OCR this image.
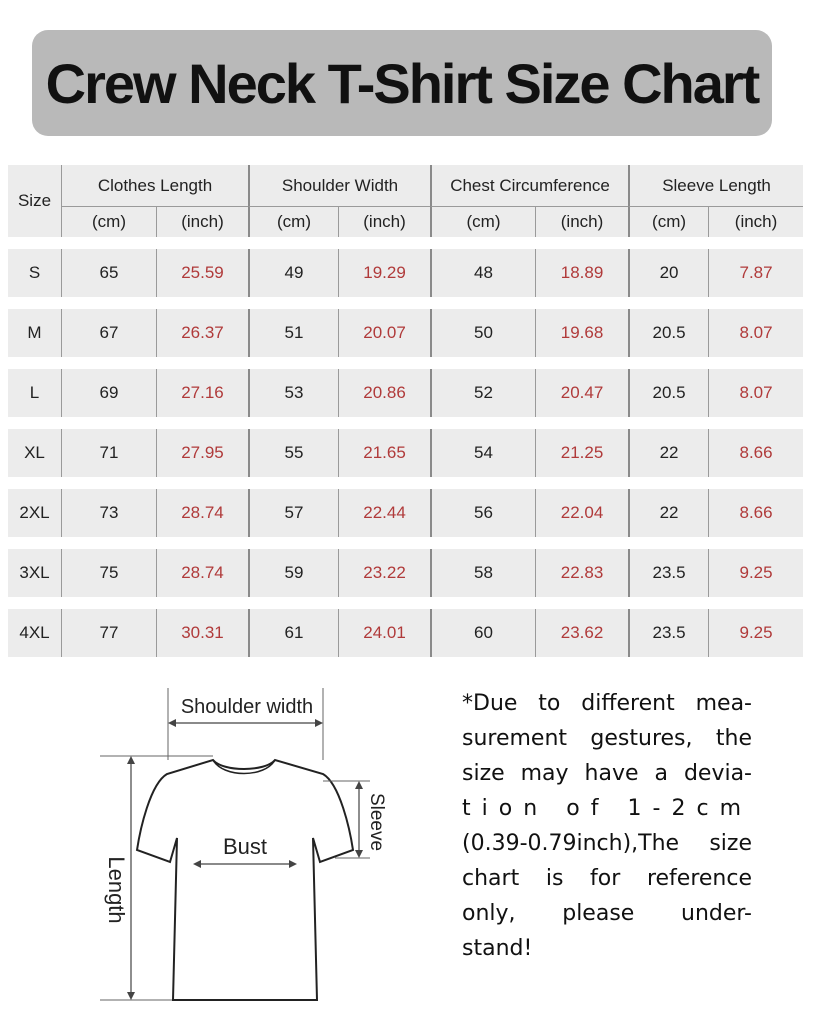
Crew Neck T-Shirt Size Chart
Size	Clothes Length		Shoulder Width		Chest Circumference		Sleeve Length	
	(cm)	(inch)	(cm)	(inch)	(cm)	(inch)	(cm)	(inch)

S	65	25.59	49	19.29	48	18.89	20	7.87

M	67	26.37	51	20.07	50	19.68	20.5	8.07

L	69	27.16	53	20.86	52	20.47	20.5	8.07

XL	71	27.95	55	21.65	54	21.25	22	8.66

2XL	73	28.74	57	22.44	56	22.04	22	8.66

3XL	75	28.74	59	23.22	58	22.83	23.5	9.25

4XL	77	30.31	61	24.01	60	23.62	23.5	9.25
Shoulder width
Length
Sleeve
Bust
*Due to different mea-
surement gestures, the
size may have a devia-
tion of 1-2cm
(0.39-0.79inch),The size
chart is for reference
only, please under-
stand!
